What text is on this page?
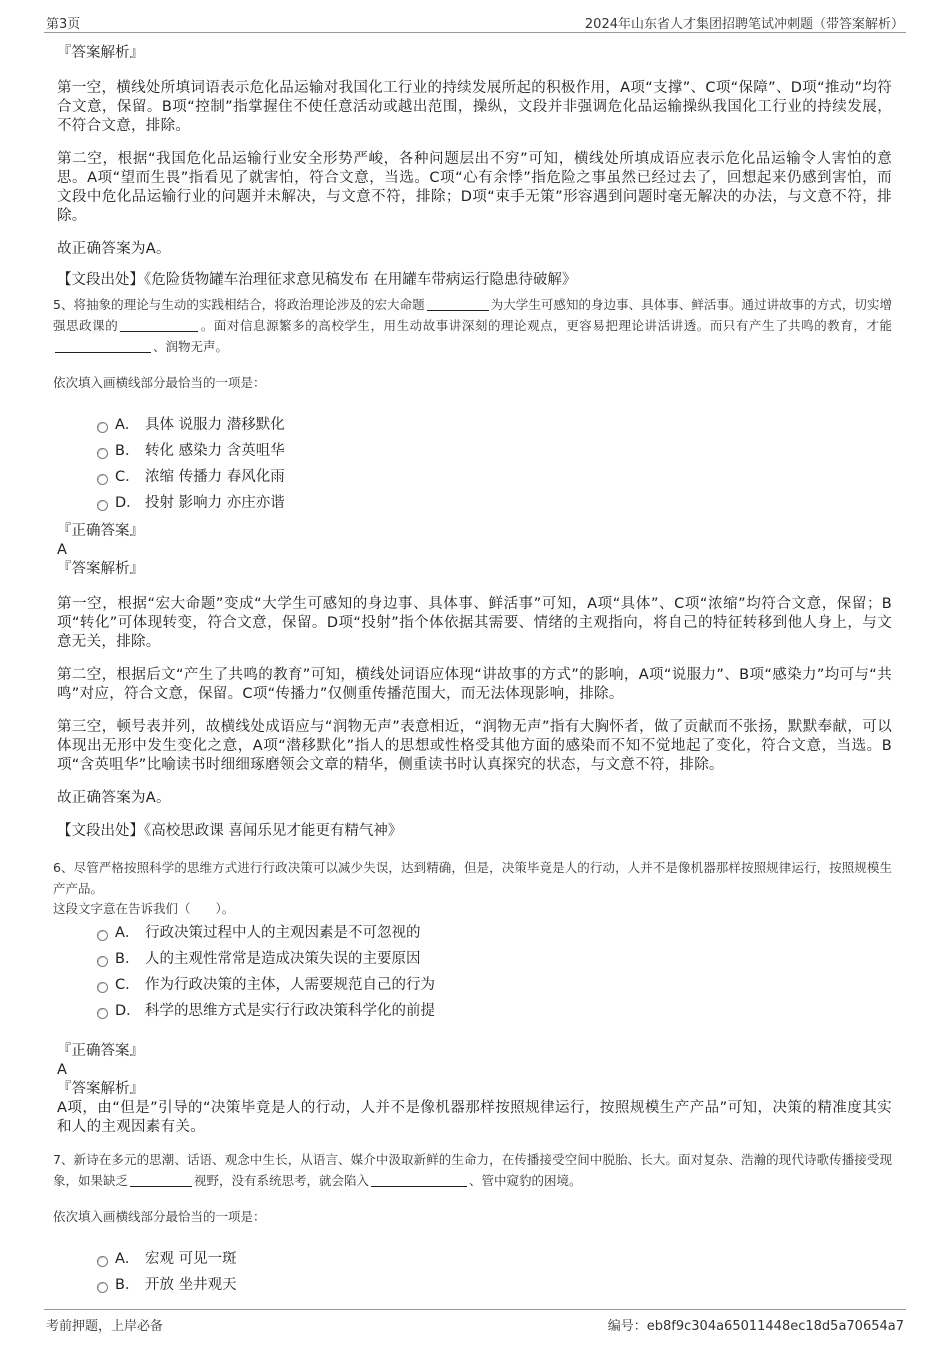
第3页	2024年山东省人才集团招聘笔试冲刺题（带答案解析）

『答案解析』

第一空，横线处所填词语表示危化品运输对我国化工行业的持续发展所起的积极作用，A项“支撑”、C项“保障”、D项“推动”均符合文意，保留。B项“控制”指掌握住不使任意活动或越出范围，操纵，文段并非强调危化品运输操纵我国化工行业的持续发展，不符合文意，排除。

第二空，根据“我国危化品运输行业安全形势严峻，各种问题层出不穷”可知，横线处所填成语应表示危化品运输令人害怕的意思。A项“望而生畏”指看见了就害怕，符合文意，当选。C项“心有余悸”指危险之事虽然已经过去了，回想起来仍感到害怕，而文段中危化品运输行业的问题并未解决，与文意不符，排除；D项“束手无策”形容遇到问题时毫无解决的办法，与文意不符，排除。

故正确答案为A。

【文段出处】《危险货物罐车治理征求意见稿发布 在用罐车带病运行隐患待破解》

5、将抽象的理论与生动的实践相结合，将政治理论涉及的宏大命题	为大学生可感知的身边事、具体事、鲜活事。通过讲故事的方式，切实增强思政课的	。面对信息源繁多的高校学生，用生动故事讲深刻的理论观点，更容易把理论讲活讲透。而只有产生了共鸣的教育，才能、润物无声。

依次填入画横线部分最恰当的一项是：

A． 具体 说服力 潜移默化
B． 转化 感染力 含英咀华
C． 浓缩 传播力 春风化雨
D． 投射 影响力 亦庄亦谐

『正确答案』

A

『答案解析』

第一空，根据“宏大命题”变成“大学生可感知的身边事、具体事、鲜活事”可知，A项“具体”、C项“浓缩”均符合文意，保留；B项“转化”可体现转变，符合文意，保留。D项“投射”指个体依据其需要、情绪的主观指向，将自己的特征转移到他人身上，与文意无关，排除。

第二空，根据后文“产生了共鸣的教育”可知，横线处词语应体现“讲故事的方式”的影响，A项“说服力”、B项“感染力”均可与“共鸣”对应，符合文意，保留。C项“传播力”仅侧重传播范围大，而无法体现影响，排除。

第三空，顿号表并列，故横线处成语应与“润物无声”表意相近，“润物无声”指有大胸怀者，做了贡献而不张扬，默默奉献，可以体现出无形中发生变化之意，A项“潜移默化”指人的思想或性格受其他方面的感染而不知不觉地起了变化，符合文意，当选。B项“含英咀华”比喻读书时细细琢磨领会文章的精华，侧重读书时认真探究的状态，与文意不符，排除。

故正确答案为A。

【文段出处】《高校思政课 喜闻乐见才能更有精气神》

6、尽管严格按照科学的思维方式进行行政决策可以减少失误，达到精确，但是，决策毕竟是人的行动，人并不是像机器那样按照规律运行，按照规模生产产品。

这段文字意在告诉我们（　　）。

A． 行政决策过程中人的主观因素是不可忽视的
B． 人的主观性常常是造成决策失误的主要原因
C． 作为行政决策的主体，人需要规范自己的行为
D． 科学的思维方式是实行行政决策科学化的前提

『正确答案』

A

『答案解析』

A项，由“但是”引导的“决策毕竟是人的行动，人并不是像机器那样按照规律运行，按照规模生产产品”可知，决策的精准度其实和人的主观因素有关。

7、新诗在多元的思潮、话语、观念中生长，从语言、媒介中汲取新鲜的生命力，在传播接受空间中脱胎、长大。面对复杂、浩瀚的现代诗歌传播接受现象，如果缺乏	视野，没有系统思考，就会陷入	、管中窥豹的困境。

依次填入画横线部分最恰当的一项是：

A． 宏观 可见一斑
B． 开放 坐井观天
考前押题，上岸必备	编号：eb8f9c304a65011448ec18d5a70654a7
